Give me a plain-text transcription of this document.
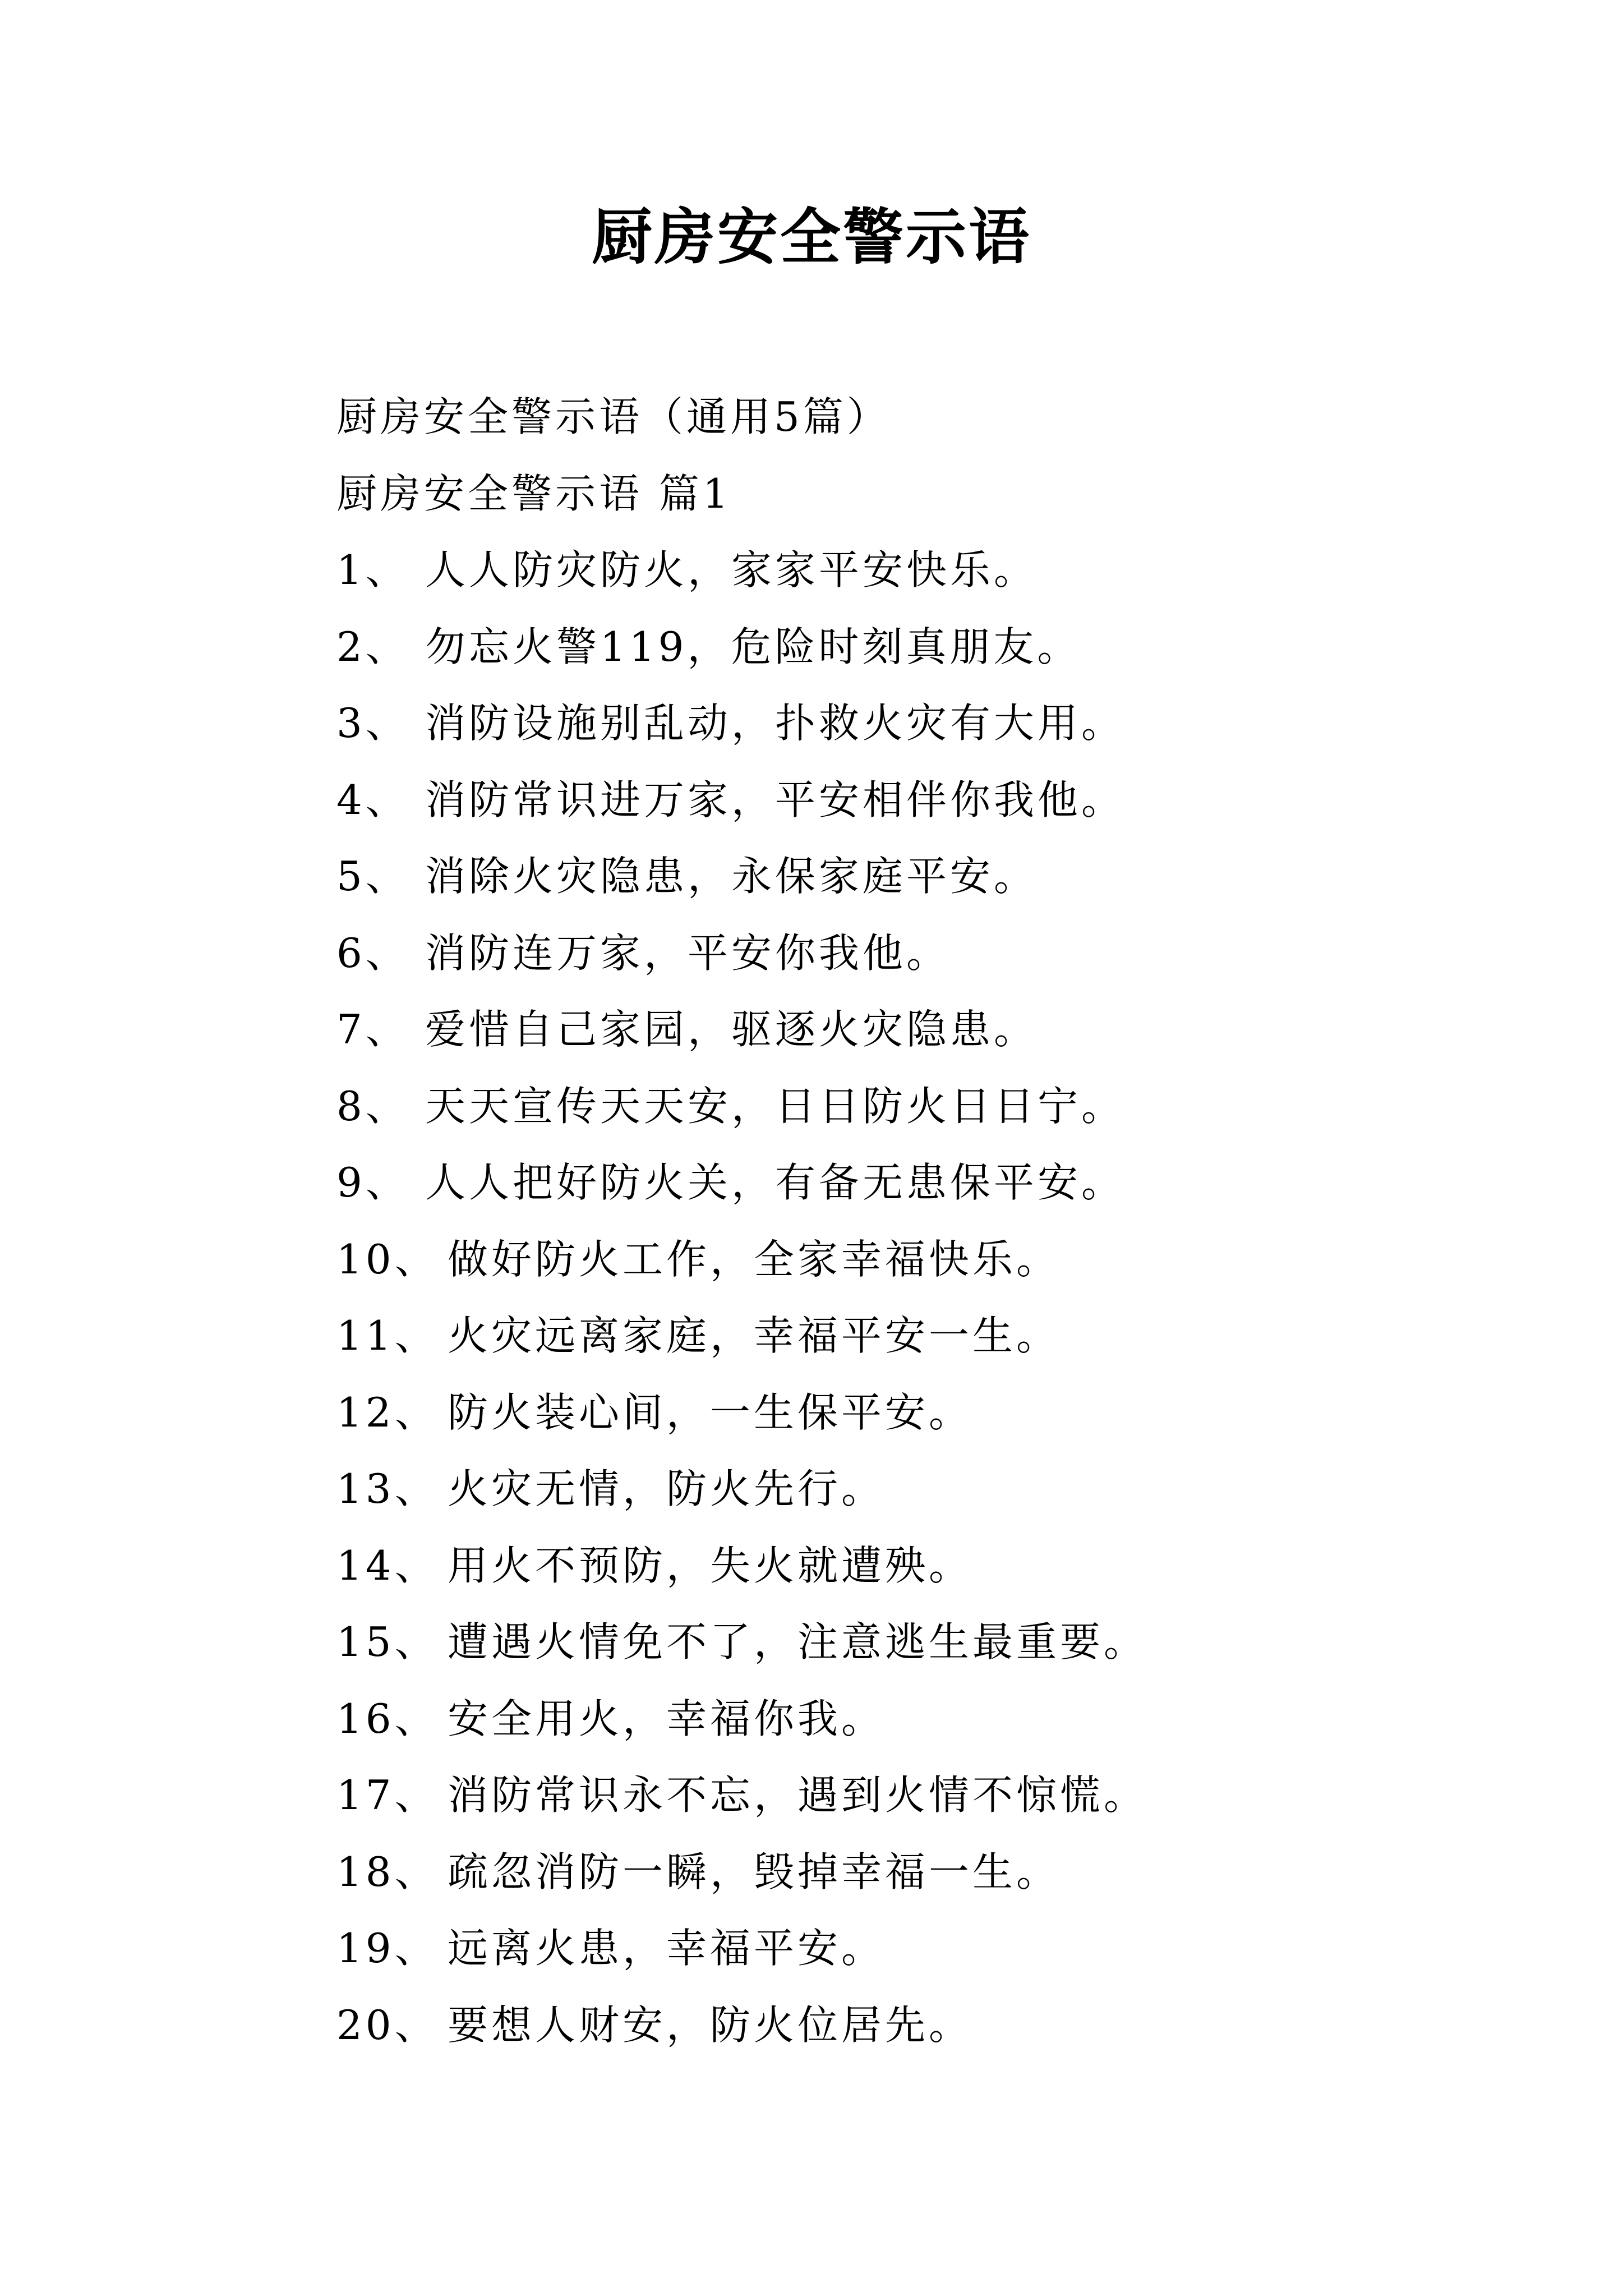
厨房安全警示语
厨房安全警示语（通用5篇）
厨房安全警示语 篇1
1、 人人防灾防火，家家平安快乐。
2、 勿忘火警119，危险时刻真朋友。
3、 消防设施别乱动，扑救火灾有大用。
4、 消防常识进万家，平安相伴你我他。
5、 消除火灾隐患，永保家庭平安。
6、 消防连万家，平安你我他。
7、 爱惜自己家园，驱逐火灾隐患。
8、 天天宣传天天安，日日防火日日宁。
9、 人人把好防火关，有备无患保平安。
10、 做好防火工作，全家幸福快乐。
11、 火灾远离家庭，幸福平安一生。
12、 防火装心间，一生保平安。
13、 火灾无情，防火先行。
14、 用火不预防，失火就遭殃。
15、 遭遇火情免不了，注意逃生最重要。
16、 安全用火，幸福你我。
17、 消防常识永不忘，遇到火情不惊慌。
18、 疏忽消防一瞬，毁掉幸福一生。
19、 远离火患，幸福平安。
20、 要想人财安，防火位居先。
